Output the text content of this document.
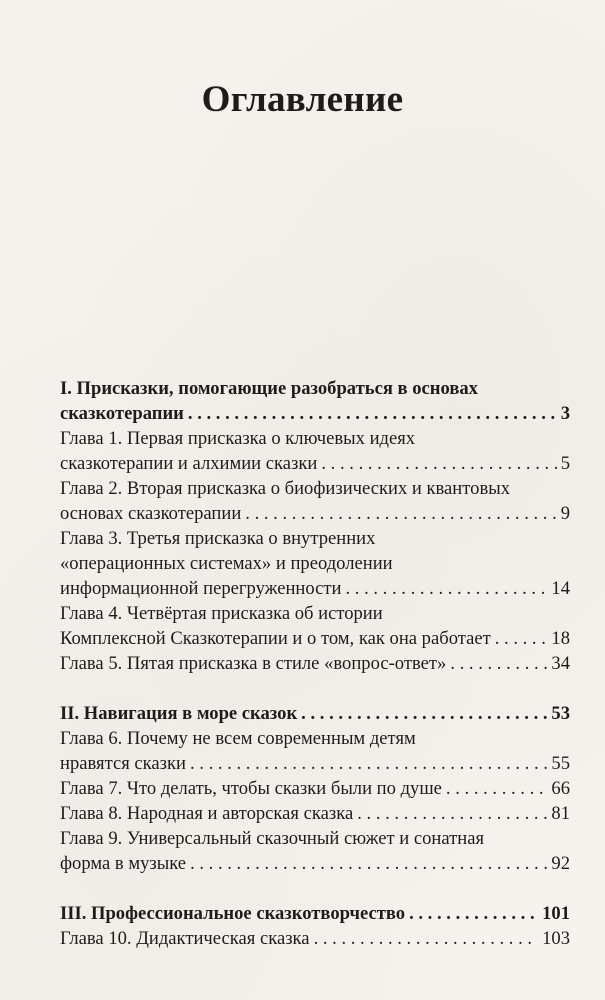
Оглавление
I. Присказки, помогающие разобраться в основах
сказкотерапии . . .	3
Глава 1. Первая присказка о ключевых идеях
сказкотерапии и алхимии сказки . . .	5
Глава 2. Вторая присказка о биофизических и квантовых
основах сказкотерапии . . .	9
Глава 3. Третья присказка о внутренних
«операционных системах» и преодолении
информационной перегруженности . . .	14
Глава 4. Четвёртая присказка об истории
Комплексной Сказкотерапии и о том, как она работает . . .	18
Глава 5. Пятая присказка в стиле «вопрос-ответ» . . .	34
II. Навигация в море сказок . . .	53
Глава 6. Почему не всем современным детям
нравятся сказки . . .	55
Глава 7. Что делать, чтобы сказки были по душе . . .	66
Глава 8. Народная и авторская сказка . . .	81
Глава 9. Универсальный сказочный сюжет и сонатная
форма в музыке . . .	92
III. Профессиональное сказкотворчество . . .	101
Глава 10. Дидактическая сказка . . .	103
